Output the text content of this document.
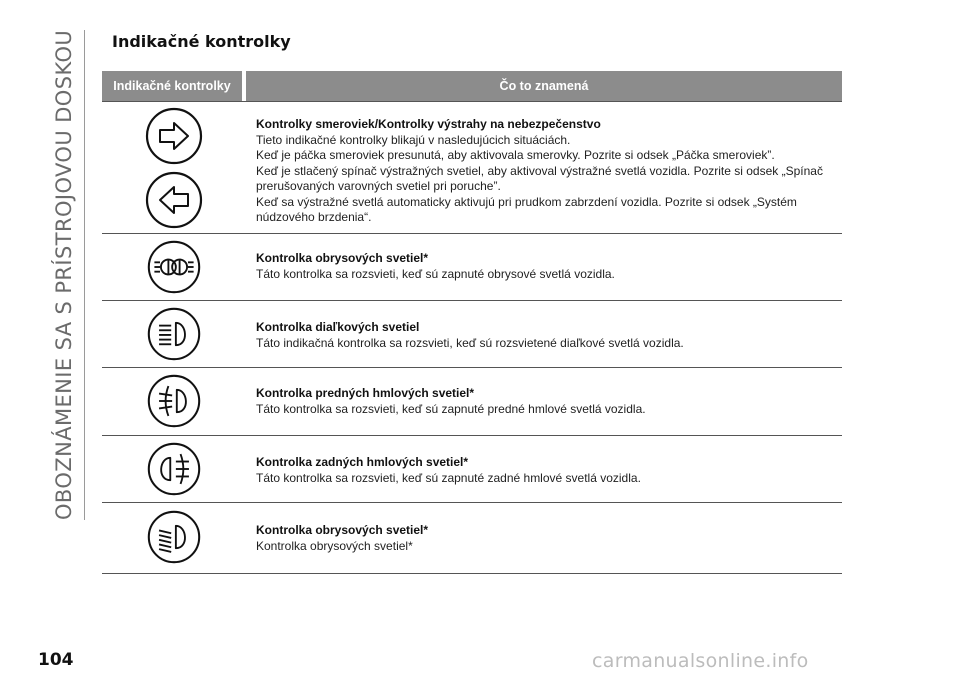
OBOZNÁMENIE SA S PRÍSTROJOVOU DOSKOU Indikačné kontrolky
Indikačné kontrolky	Čo to znamená
Kontrolky smeroviek/Kontrolky výstrahy na nebezpečenstvo
Tieto indikačné kontrolky blikajú v nasledujúcich situáciách.
Keď je páčka smeroviek presunutá, aby aktivovala smerovky. Pozrite si odsek „Páčka smeroviek”.
Keď je stlačený spínač výstražných svetiel, aby aktivoval výstražné svetlá vozidla. Pozrite si odsek „Spínač prerušovaných varovných svetiel pri poruche”.
Keď sa výstražné svetlá automaticky aktivujú pri prudkom zabrzdení vozidla. Pozrite si odsek „Systém núdzového brzdenia“.
Kontrolka obrysových svetiel*
Táto kontrolka sa rozsvieti, keď sú zapnuté obrysové svetlá vozidla.
Kontrolka diaľkových svetiel
Táto indikačná kontrolka sa rozsvieti, keď sú rozsvietené diaľkové svetlá vozidla.
Kontrolka predných hmlových svetiel*
Táto kontrolka sa rozsvieti, keď sú zapnuté predné hmlové svetlá vozidla.
Kontrolka zadných hmlových svetiel*
Táto kontrolka sa rozsvieti, keď sú zapnuté zadné hmlové svetlá vozidla.
Kontrolka obrysových svetiel*
Kontrolka obrysových svetiel*
104	carmanualsonline.info
